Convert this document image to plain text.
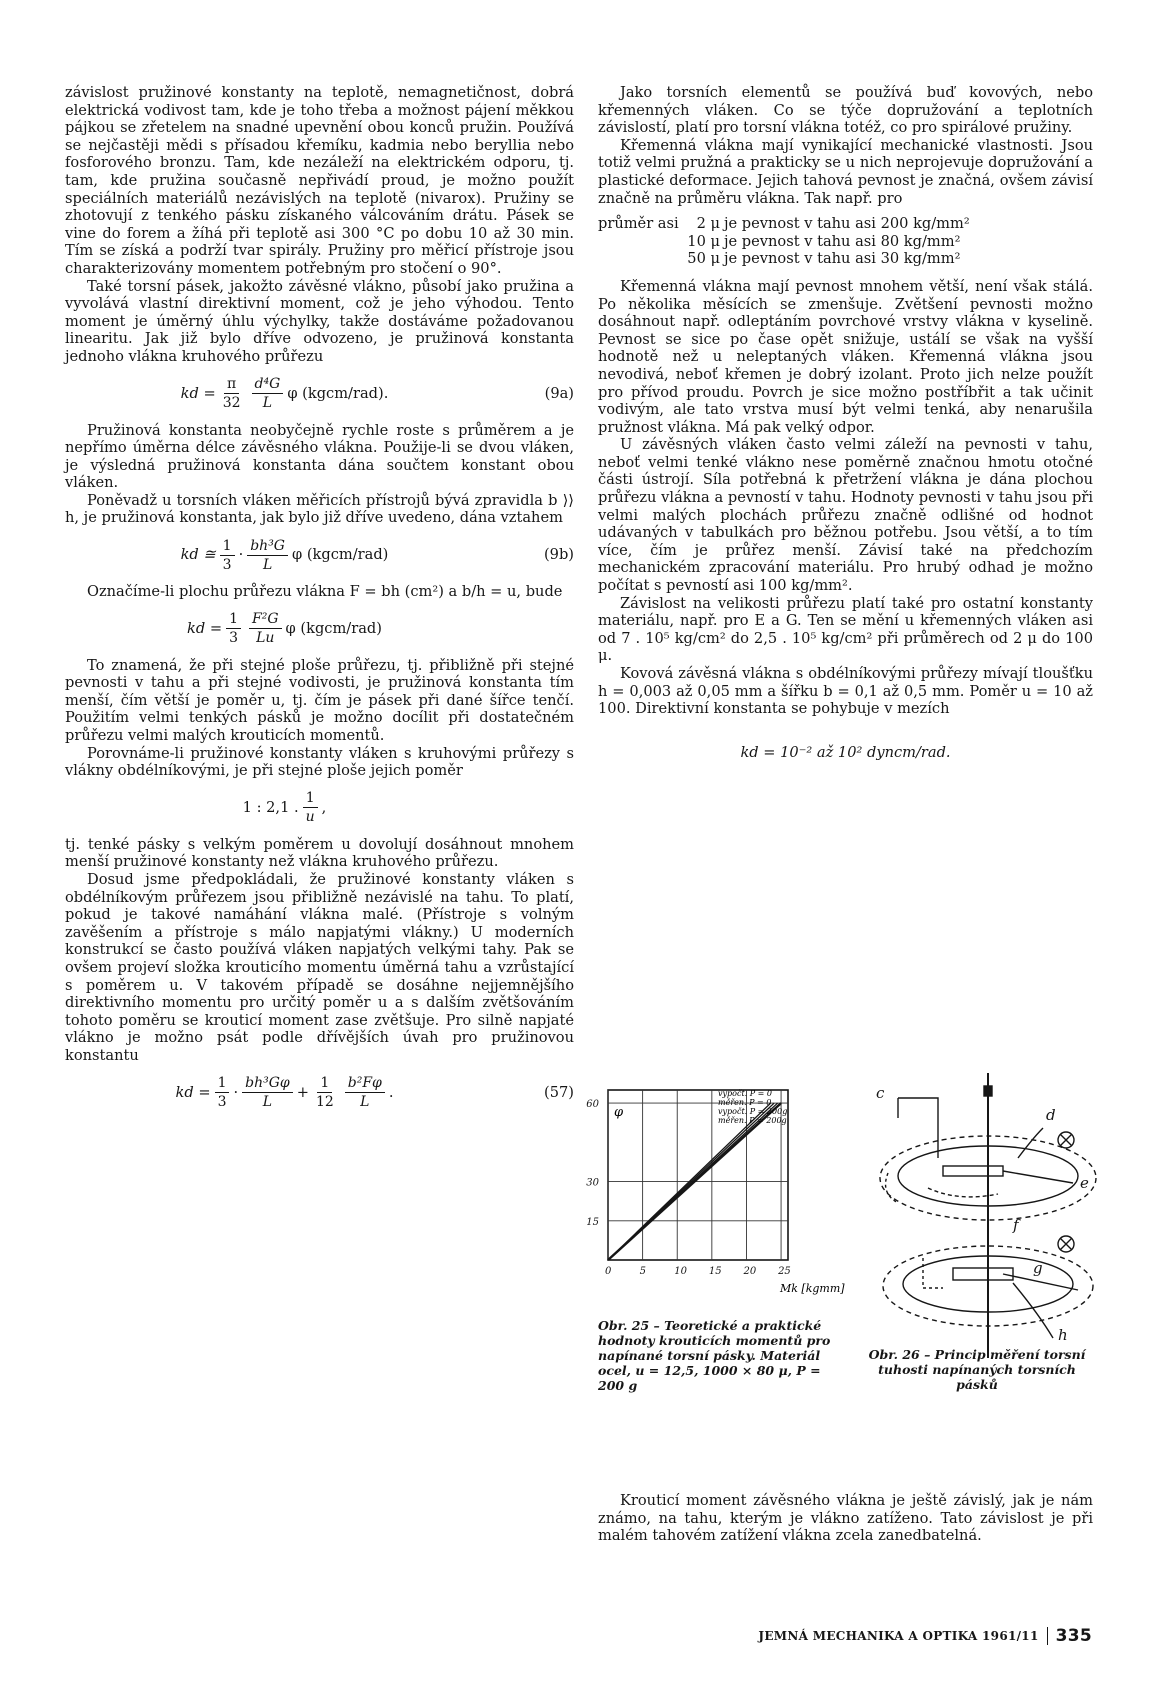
závislost pružinové konstanty na teplotě, nemagnetičnost, dobrá elektrická vodivost tam, kde je toho třeba a možnost pájení měkkou pájkou se zřetelem na snadné upevnění obou konců pružin. Používá se nejčastěji mědi s přísadou křemíku, kadmia nebo beryllia nebo fosforového bronzu. Tam, kde nezáleží na elektrickém odporu, tj. tam, kde pružina současně nepřivádí proud, je možno použít speciálních materiálů nezávislých na teplotě (nivarox). Pružiny se zhotovují z tenkého pásku získaného válcováním drátu. Pásek se vine do forem a žíhá při teplotě asi 300 °C po dobu 10 až 30 min. Tím se získá a podrží tvar spirály. Pružiny pro měřicí přístroje jsou charakterizovány momentem potřebným pro stočení o 90°.

Také torsní pásek, jakožto závěsné vlákno, působí jako pružina a vyvolává vlastní direktivní moment, což je jeho výhodou. Tento moment je úměrný úhlu výchylky, takže dostáváme požadovanou linearitu. Jak již bylo dříve odvozeno, je pružinová konstanta jednoho vlákna kruhového průřezu

kd = $\frac{\pi}{32} \frac{\text{d⁴G}}{L}$ φ (kgcm/rad).	(9a)

Pružinová konstanta neobyčejně rychle roste s průměrem a je nepřímo úměrna délce závěsného vlákna. Použije-li se dvou vláken, je výsledná pružinová konstanta dána součtem konstant obou vláken.

Poněvadž u torsních vláken měřicích přístrojů bývá zpravidla b ⟩⟩ h, je pružinová konstanta, jak bylo již dříve uvedeno, dána vztahem

kd ≅ $\frac{1}{3} \cdot \frac{\text{bh³G}}{L}$ φ (kgcm/rad)	(9b)

Označíme-li plochu průřezu vlákna F = bh (cm²) a b/h = u, bude

kd = $\frac{1}{3} \frac{\text{F²G}}{Lu}$ φ (kgcm/rad)

To znamená, že při stejné ploše průřezu, tj. přibližně při stejné pevnosti v tahu a při stejné vodivosti, je pružinová konstanta tím menší, čím větší je poměr u, tj. čím je pásek při dané šířce tenčí. Použitím velmi tenkých pásků je možno docílit při dostatečném průřezu velmi malých krouticích momentů.

Porovnáme-li pružinové konstanty vláken s kruhovými průřezy s vlákny obdélníkovými, je při stejné ploše jejich poměr

1 : 2,1 . $\frac{1}{u}$ ,

tj. tenké pásky s velkým poměrem u dovolují dosáhnout mnohem menší pružinové konstanty než vlákna kruhového průřezu.

Dosud jsme předpokládali, že pružinové konstanty vláken s obdélníkovým průřezem jsou přibližně nezávislé na tahu. To platí, pokud je takové namáhání vlákna malé. (Přístroje s volným zavěšením a přístroje s málo napjatými vlákny.) U moderních konstrukcí se často používá vláken napjatých velkými tahy. Pak se ovšem projeví složka krouticího momentu úměrná tahu a vzrůstající s poměrem u. V takovém případě se dosáhne nejjemnějšího direktivního momentu pro určitý poměr u a s dalším zvětšováním tohoto poměru se krouticí moment zase zvětšuje. Pro silně napjaté vlákno je možno psát podle dřívějších úvah pro pružinovou konstantu

kd = $\frac{1}{3} \cdot \frac{\text{bh³Gφ}}{L} + \frac{1}{12} \frac{\text{b²Fφ}}{L}$ .	(57)

Jako torsních elementů se používá buď kovových, nebo křemenných vláken. Co se týče dopružování a teplotních závislostí, platí pro torsní vlákna totéž, co pro spirálové pružiny.

Křemenná vlákna mají vynikající mechanické vlastnosti. Jsou totiž velmi pružná a prakticky se u nich neprojevuje dopružování a plastické deformace. Jejich tahová pevnost je značná, ovšem závisí značně na průměru vlákna. Tak např. pro

průměr asi	2 μ je pevnost v tahu asi 200 kg/mm²
10 μ je pevnost v tahu asi 80 kg/mm²
50 μ je pevnost v tahu asi 30 kg/mm²

Křemenná vlákna mají pevnost mnohem větší, není však stálá. Po několika měsících se zmenšuje. Zvětšení pevnosti možno dosáhnout např. odleptáním povrchové vrstvy vlákna v kyselině. Pevnost se sice po čase opět snižuje, ustálí se však na vyšší hodnotě než u neleptaných vláken. Křemenná vlákna jsou nevodivá, neboť křemen je dobrý izolant. Proto jich nelze použít pro přívod proudu. Povrch je sice možno postříbřit a tak učinit vodivým, ale tato vrstva musí být velmi tenká, aby nenarušila pružnost vlákna. Má pak velký odpor.

U závěsných vláken často velmi záleží na pevnosti v tahu, neboť velmi tenké vlákno nese poměrně značnou hmotu otočné části ústrojí. Síla potřebná k přetržení vlákna je dána plochou průřezu vlákna a pevností v tahu. Hodnoty pevnosti v tahu jsou při velmi malých plochách průřezu značně odlišné od hodnot udávaných v tabulkách pro běžnou potřebu. Jsou větší, a to tím více, čím je průřez menší. Závisí také na předchozím mechanickém zpracování materiálu. Pro hrubý odhad je možno počítat s pevností asi 100 kg/mm².

Závislost na velikosti průřezu platí také pro ostatní konstanty materiálu, např. pro E a G. Ten se mění u křemenných vláken asi od 7 . 10⁵ kg/cm² do 2,5 . 10⁵ kg/cm² při průměrech od 2 μ do 100 μ.

Kovová závěsná vlákna s obdélníkovými průřezy mívají tloušťku h = 0,003 až 0,05 mm a šířku b = 0,1 až 0,5 mm. Poměr u = 10 až 100. Direktivní konstanta se pohybuje v mezích

kd = 10⁻² až 10² dyncm/rad.

0	5	10 15 20 25
60
30
15
φ
Mk [kgmm]
vypočt. P = 0
měřen. P = 0
vypočt. P = 200g
měřen. P = 200g
Obr. 25 – Teoretické a praktické hodnoty krouticích momentů pro napínané torsní pásky. Materiál ocel, u = 12,5, 1000 × 80 μ, P = 200 g
c
d
e
f
g
h
Obr. 26 – Princip měření torsní tuhosti napínaných torsních pásků

Krouticí moment závěsného vlákna je ještě závislý, jak je nám známo, na tahu, kterým je vlákno zatíženo. Tato závislost je při malém tahovém zatížení vlákna zcela zanedbatelná.

JEMNÁ MECHANIKA A OPTIKA 1961/11 335
